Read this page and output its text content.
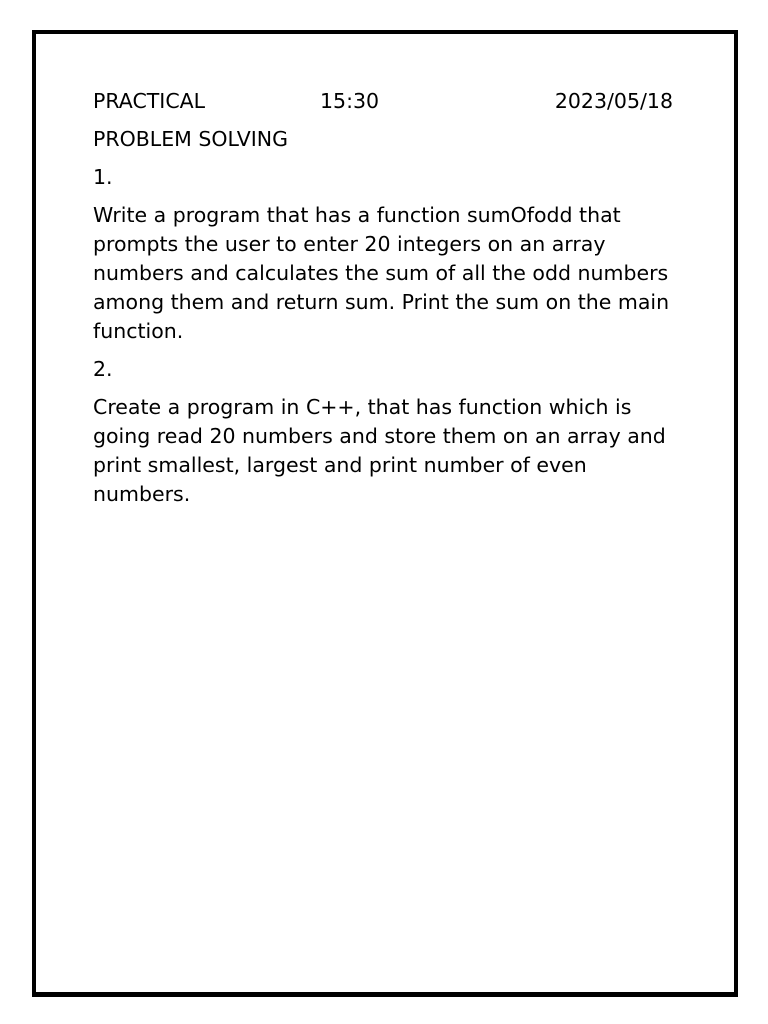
PRACTICAL	15:30	2023/05/18
PROBLEM SOLVING
1.

Write a program that has a function sumOfodd that prompts the user to enter 20 integers on an array numbers and calculates the sum of all the odd numbers among them and return sum. Print the sum on the main function.

2.

Create a program in C++, that has function which is going read 20 numbers and store them on an array and print smallest, largest and print number of even numbers.
